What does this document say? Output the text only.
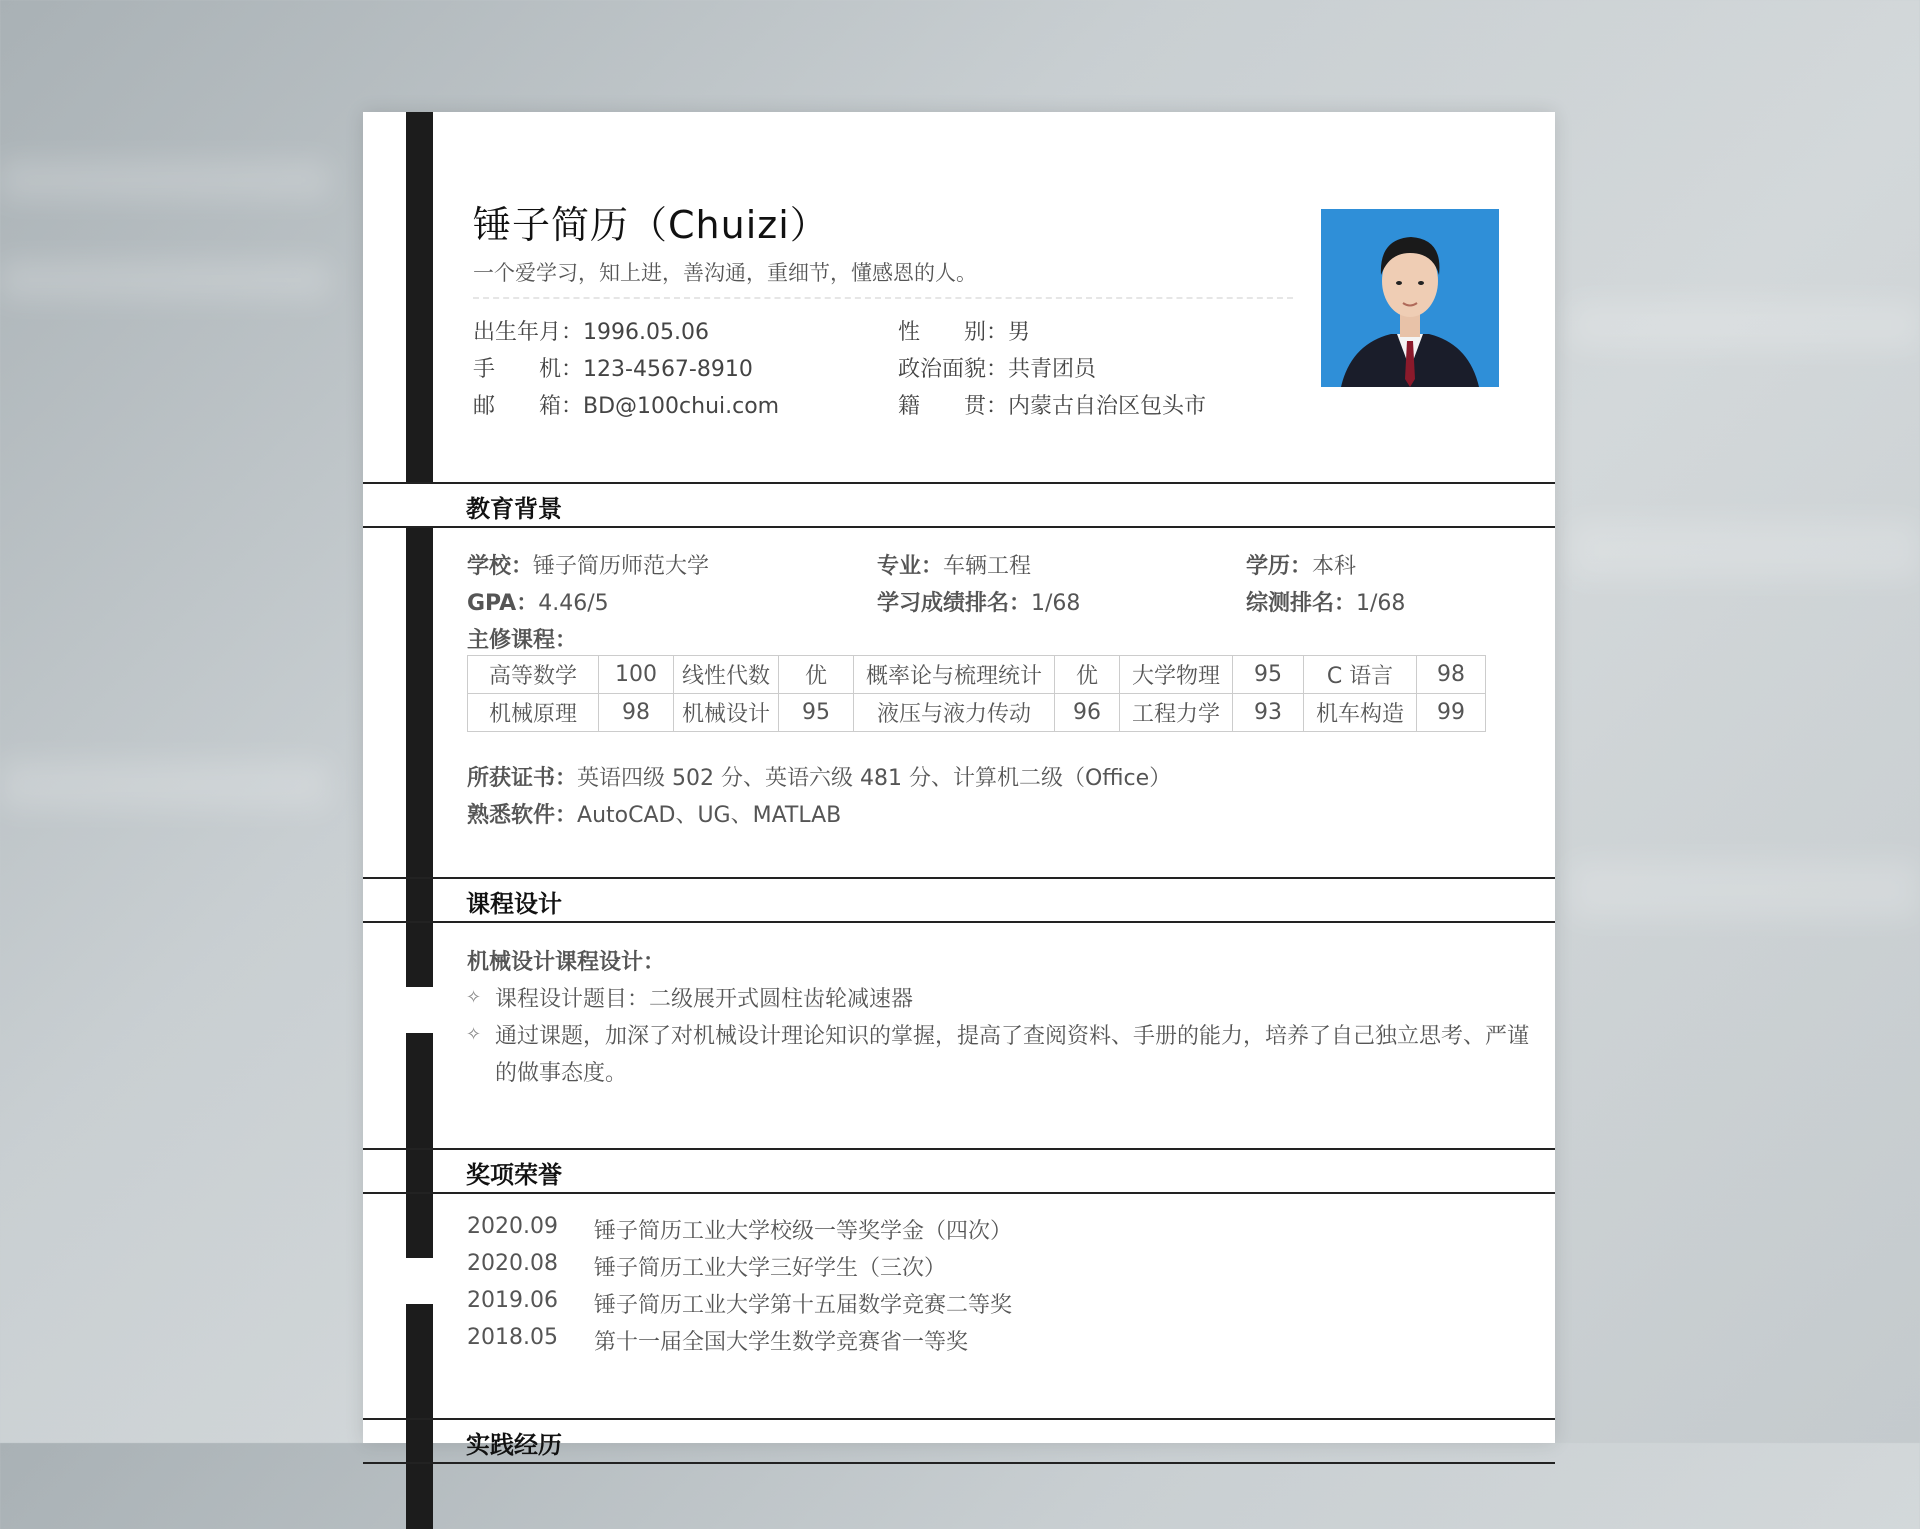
锤子简历（Chuizi）
一个爱学习，知上进，善沟通，重细节，懂感恩的人。
出生年月：1996.05.06	性　　别：男
手　　机：123-4567-8910	政治面貌：共青团员
邮　　箱：BD@100chui.com	籍　　贯：内蒙古自治区包头市
教育背景
学校：锤子简历师范大学	专业：车辆工程	学历：本科
GPA：4.46/5	学习成绩排名：1/68	综测排名：1/68
主修课程：
高等数学	100	线性代数	优	概率论与梳理统计	优	大学物理	95	C 语言	98
机械原理	98	机械设计	95	液压与液力传动	96	工程力学	93	机车构造	99
所获证书：英语四级 502 分、英语六级 481 分、计算机二级（Office）
熟悉软件：AutoCAD、UG、MATLAB
课程设计
机械设计课程设计：
✧ 课程设计题目：二级展开式圆柱齿轮减速器
✧ 通过课题，加深了对机械设计理论知识的掌握，提高了查阅资料、手册的能力，培养了自己独立思考、严谨
的做事态度。
奖项荣誉
2020.09 锤子简历工业大学校级一等奖学金（四次）
2020.08 锤子简历工业大学三好学生（三次）
2019.06 锤子简历工业大学第十五届数学竞赛二等奖
2018.05 第十一届全国大学生数学竞赛省一等奖
实践经历
